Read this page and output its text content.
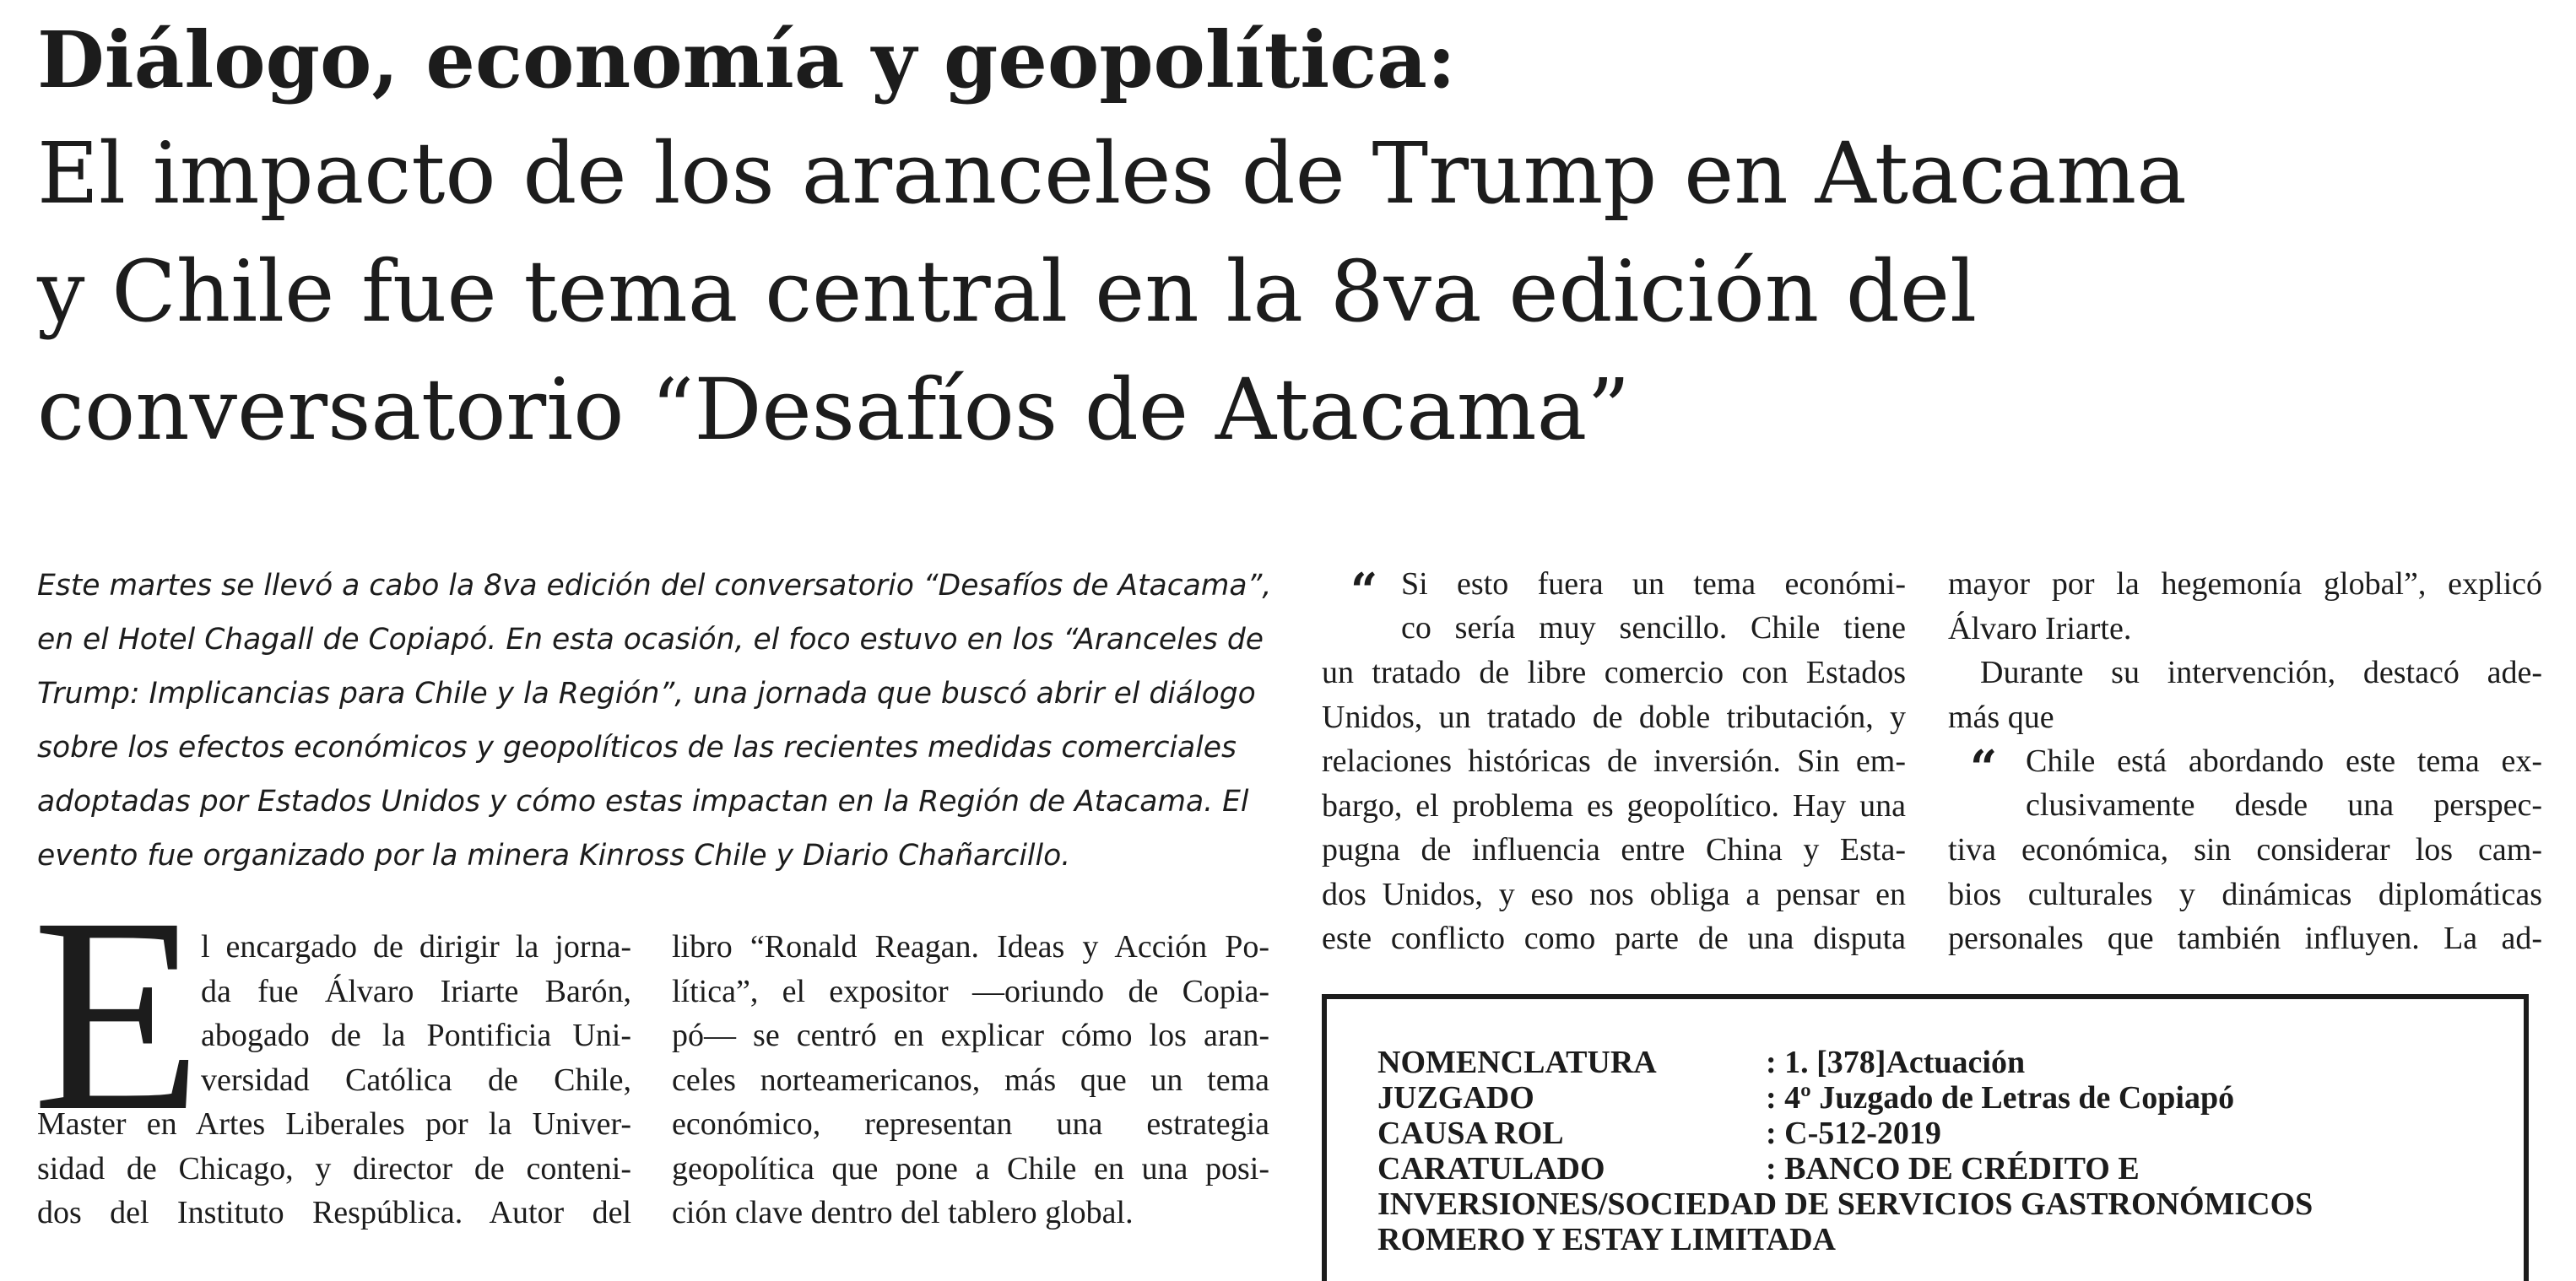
Diálogo, economía y geopolítica:
El impacto de los aranceles de Trump en Atacama
y Chile fue tema central en la 8va edición del
conversatorio “Desafíos de Atacama”

Este martes se llevó a cabo la 8va edición del conversatorio “Desafíos de Atacama”,
en el Hotel Chagall de Copiapó. En esta ocasión, el foco estuvo en los “Aranceles de
Trump: Implicancias para Chile y la Región”, una jornada que buscó abrir el diálogo
sobre los efectos económicos y geopolíticos de las recientes medidas comerciales
adoptadas por Estados Unidos y cómo estas impactan en la Región de Atacama. El
evento fue organizado por la minera Kinross Chile y Diario Chañarcillo.

E
l encargado de dirigir la jorna-
da fue Álvaro Iriarte Barón,
abogado de la Pontificia Uni-
versidad Católica de Chile,
Master en Artes Liberales por la Univer-
sidad de Chicago, y director de conteni-
dos del Instituto Respública. Autor del
libro “Ronald Reagan. Ideas y Acción Po-
lítica”, el expositor —oriundo de Copia-
pó— se centró en explicar cómo los aran-
celes norteamericanos, más que un tema
económico, representan una estrategia
geopolítica que pone a Chile en una posi-
ción clave dentro del tablero global.
“ Si esto fuera un tema económi-
co sería muy sencillo. Chile tiene
un tratado de libre comercio con Estados
Unidos, un tratado de doble tributación, y
relaciones históricas de inversión. Sin em-
bargo, el problema es geopolítico. Hay una
pugna de influencia entre China y Esta-
dos Unidos, y eso nos obliga a pensar en
este conflicto como parte de una disputa
mayor por la hegemonía global”, explicó
Álvaro Iriarte.
Durante su intervención, destacó ade-
más que
“ Chile está abordando este tema ex-
clusivamente desde una perspec-
tiva económica, sin considerar los cam-
bios culturales y dinámicas diplomáticas
personales que también influyen. La ad-
NOMENCLATURA	: 1. [378]Actuación
JUZGADO	: 4º Juzgado de Letras de Copiapó
CAUSA ROL	: C-512-2019
CARATULADO	: BANCO DE CRÉDITO E
INVERSIONES/SOCIEDAD DE SERVICIOS GASTRONÓMICOS
ROMERO Y ESTAY LIMITADA
